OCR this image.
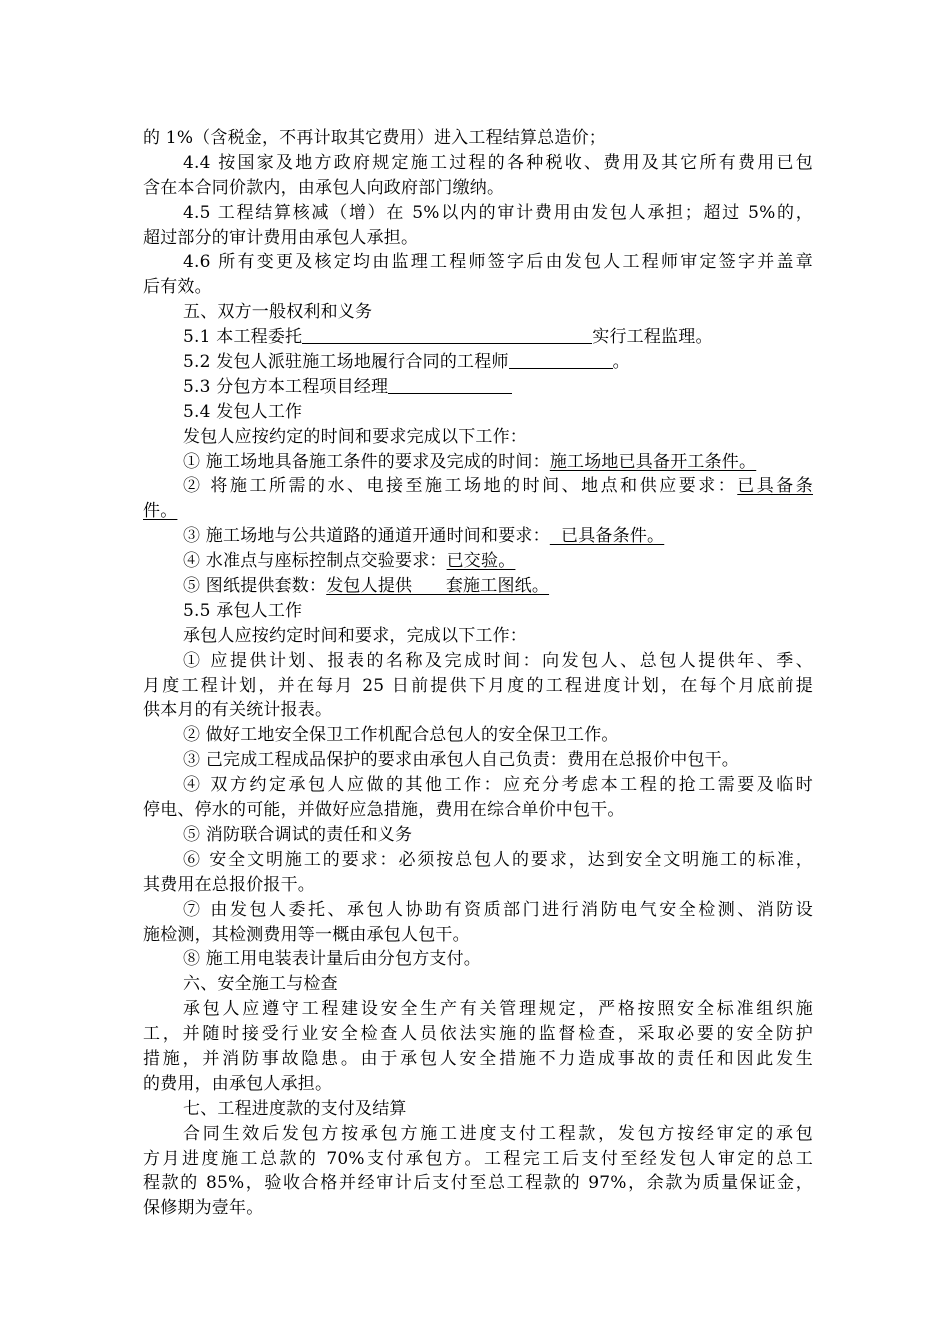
的 1%（含税金，不再计取其它费用）进入工程结算总造价；
4.4 按国家及地方政府规定施工过程的各种税收、费用及其它所有费用已包
含在本合同价款内，由承包人向政府部门缴纳。
4.5 工程结算核减（增）在 5%以内的审计费用由发包人承担；超过 5%的，
超过部分的审计费用由承包人承担。
4.6 所有变更及核定均由监理工程师签字后由发包人工程师审定签字并盖章
后有效。
五、双方一般权利和义务
5.1 本工程委托	实行工程监理。
5.2 发包人派驻施工场地履行合同的工程师	。
5.3 分包方本工程项目经理
5.4 发包人工作
发包人应按约定的时间和要求完成以下工作：
① 施工场地具备施工条件的要求及完成的时间：施工场地已具备开工条件。
② 将施工所需的水、电接至施工场地的时间、地点和供应要求：已具备条
件。
③ 施工场地与公共道路的通道开通时间和要求：  已具备条件。
④ 水准点与座标控制点交验要求：已交验。
⑤ 图纸提供套数：发包人提供      套施工图纸。
5.5 承包人工作
承包人应按约定时间和要求，完成以下工作：
① 应提供计划、报表的名称及完成时间：向发包人、总包人提供年、季、
月度工程计划，并在每月 25 日前提供下月度的工程进度计划，在每个月底前提
供本月的有关统计报表。
② 做好工地安全保卫工作机配合总包人的安全保卫工作。
③ 己完成工程成品保护的要求由承包人自己负责：费用在总报价中包干。
④ 双方约定承包人应做的其他工作：应充分考虑本工程的抢工需要及临时
停电、停水的可能，并做好应急措施，费用在综合单价中包干。
⑤ 消防联合调试的责任和义务
⑥ 安全文明施工的要求：必须按总包人的要求，达到安全文明施工的标准，
其费用在总报价报干。
⑦ 由发包人委托、承包人协助有资质部门进行消防电气安全检测、消防设
施检测，其检测费用等一概由承包人包干。
⑧ 施工用电装表计量后由分包方支付。
六、安全施工与检查
承包人应遵守工程建设安全生产有关管理规定，严格按照安全标准组织施
工，并随时接受行业安全检查人员依法实施的监督检查，采取必要的安全防护
措施，并消防事故隐患。由于承包人安全措施不力造成事故的责任和因此发生
的费用，由承包人承担。
七、工程进度款的支付及结算
合同生效后发包方按承包方施工进度支付工程款，发包方按经审定的承包
方月进度施工总款的 70%支付承包方。工程完工后支付至经发包人审定的总工
程款的 85%，验收合格并经审计后支付至总工程款的 97%，余款为质量保证金，
保修期为壹年。
